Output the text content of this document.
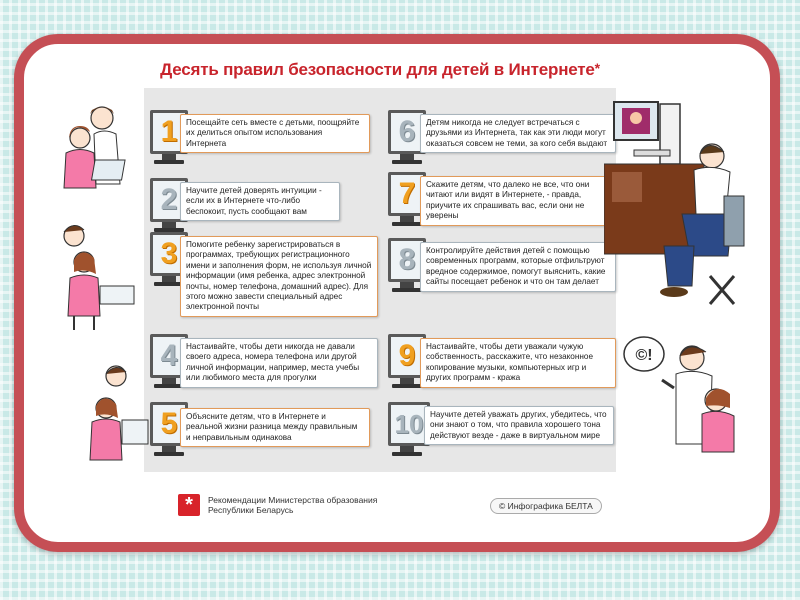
Десять правил безопасности для детей в Интернете*
1	Посещайте сеть вместе с детьми, поощряйте их делиться опытом использования Интернета
2	Научите детей доверять интуиции - если их в Интернете что-либо беспокоит, пусть сообщают вам
3	Помогите ребенку зарегистрироваться в программах, требующих регистрационного имени и заполнения форм, не используя личной информации (имя ребенка, адрес электронной почты, номер телефона, домашний адрес). Для этого можно завести специальный адрес электронной почты
4	Настаивайте, чтобы дети никогда не давали своего адреса, номера телефона или другой личной информации, например, места учебы или любимого места для прогулки
5	Объясните детям, что в Интернете и реальной жизни разница между правильным и неправильным одинакова
6	Детям никогда не следует встречаться с друзьями из Интернета, так как эти люди могут оказаться совсем не теми, за кого себя выдают
7	Скажите детям, что далеко не все, что они читают или видят в Интернете, - правда, приучите их спрашивать вас, если они не уверены
8	Контролируйте действия детей с помощью современных программ, которые отфильтруют вредное содержимое, помогут выяснить, какие сайты посещает ребенок и что он там делает
9	Настаивайте, чтобы дети уважали чужую собственность, расскажите, что незаконное копирование музыки, компьютерных игр и других программ - кража
10 Научите детей уважать других, убедитесь, что они знают о том, что правила хорошего тона действуют везде - даже в виртуальном мире
©!
*	Рекомендации Министерства образования Республики Беларусь	© Инфографика БЕЛТА
